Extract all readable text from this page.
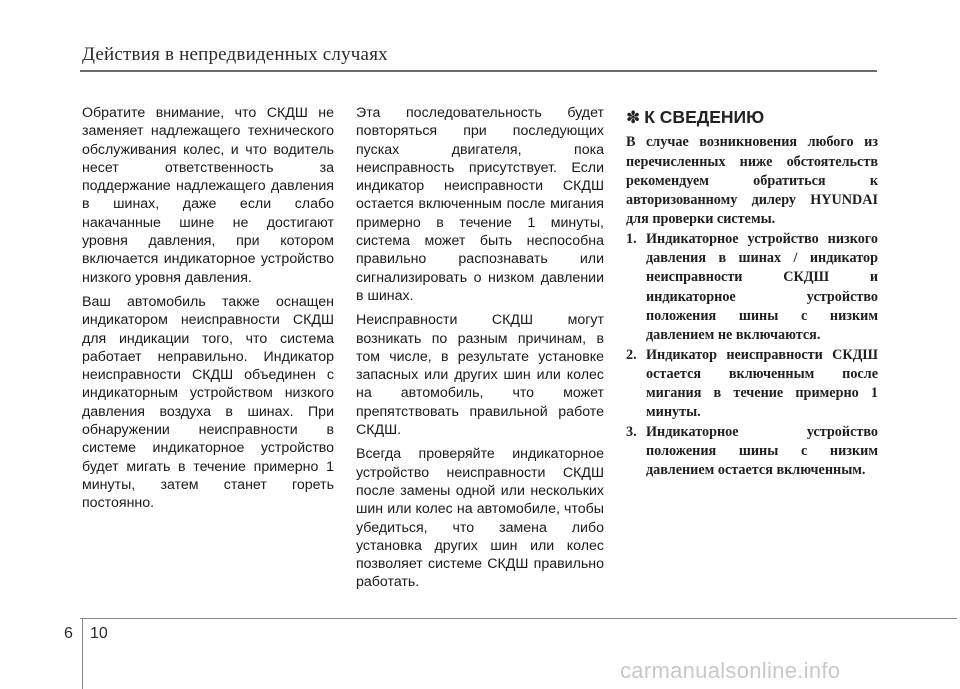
Действия в непредвиденных случаях

Обратите внимание, что СКДШ не заменяет надлежащего технического обслуживания колес, и что водитель несет ответственность за поддержание надлежащего давления в шинах, даже если слабо накачанные шине не достигают уровня давления, при котором включается индикаторное устройство низкого уровня давления.

Ваш автомобиль также оснащен индикатором неисправности СКДШ для индикации того, что система работает неправильно. Индикатор неисправности СКДШ объединен с индикаторным устройством низкого давления воздуха в шинах. При обнаружении неисправности в системе индикаторное устройство будет мигать в течение примерно 1 минуты, затем станет гореть постоянно.

Эта последовательность будет повторяться при последующих пусках двигателя, пока неисправность присутствует. Если индикатор неисправности СКДШ остается включенным после мигания примерно в течение 1 минуты, система может быть неспособна правильно распознавать или сигнализировать о низком давлении в шинах.

Неисправности СКДШ могут возникать по разным причинам, в том числе, в результате установке запасных или других шин или колес на автомобиль, что может препятствовать правильной работе СКДШ.

Всегда проверяйте индикаторное устройство неисправности СКДШ после замены одной или нескольких шин или колес на автомобиле, чтобы убедиться, что замена либо установка других шин или колес позволяет системе СКДШ правильно работать.

✽ К СВЕДЕНИЮ
В случае возникновения любого из перечисленных ниже обстоятельств рекомендуем обратиться к авторизованному дилеру HYUNDAI для проверки системы.
1. Индикаторное устройство низкого давления в шинах / индикатор неисправности СКДШ и индикаторное устройство положения шины с низким давлением не включаются.
2. Индикатор неисправности СКДШ остается включенным после мигания в течение примерно 1 минуты.
3. Индикаторное устройство положения шины с низким давлением остается включенным.
6 10
carmanualsonline.info
